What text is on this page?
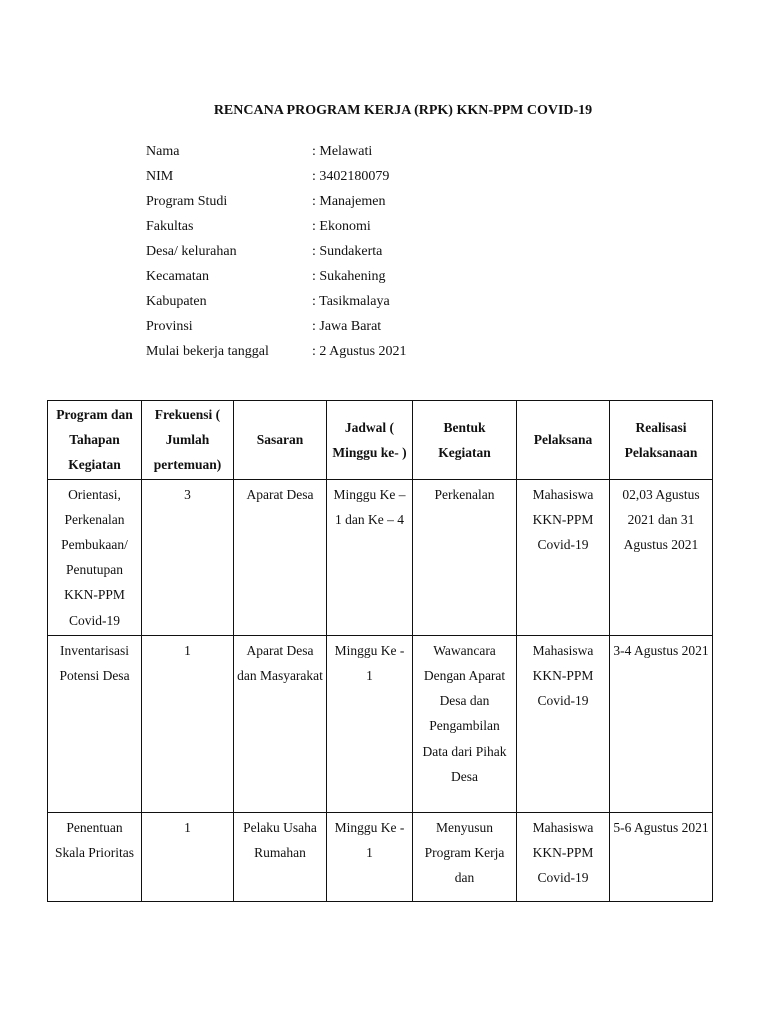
RENCANA PROGRAM KERJA (RPK) KKN-PPM COVID-19
Nama	: Melawati
NIM	: 3402180079
Program Studi	: Manajemen
Fakultas	: Ekonomi
Desa/ kelurahan	: Sundakerta
Kecamatan	: Sukahening
Kabupaten	: Tasikmalaya
Provinsi	: Jawa Barat
Mulai bekerja tanggal	: 2 Agustus 2021
Program dan Tahapan Kegiatan	Frekuensi ( Jumlah pertemuan)	Sasaran	Jadwal ( Minggu ke- )	Bentuk Kegiatan	Pelaksana	Realisasi Pelaksanaan
Orientasi, Perkenalan Pembukaan/ Penutupan KKN-PPM Covid-19	3	Aparat Desa	Minggu Ke – 1 dan Ke – 4	Perkenalan	Mahasiswa KKN-PPM Covid-19	02,03 Agustus 2021 dan 31 Agustus 2021
Inventarisasi Potensi Desa	1	Aparat Desa dan Masyarakat	Minggu Ke - 1	Wawancara Dengan Aparat Desa dan Pengambilan Data dari Pihak Desa	Mahasiswa KKN-PPM Covid-19	3-4 Agustus 2021
Penentuan Skala Prioritas	1	Pelaku Usaha Rumahan	Minggu Ke - 1	Menyusun Program Kerja dan	Mahasiswa KKN-PPM Covid-19	5-6 Agustus 2021
